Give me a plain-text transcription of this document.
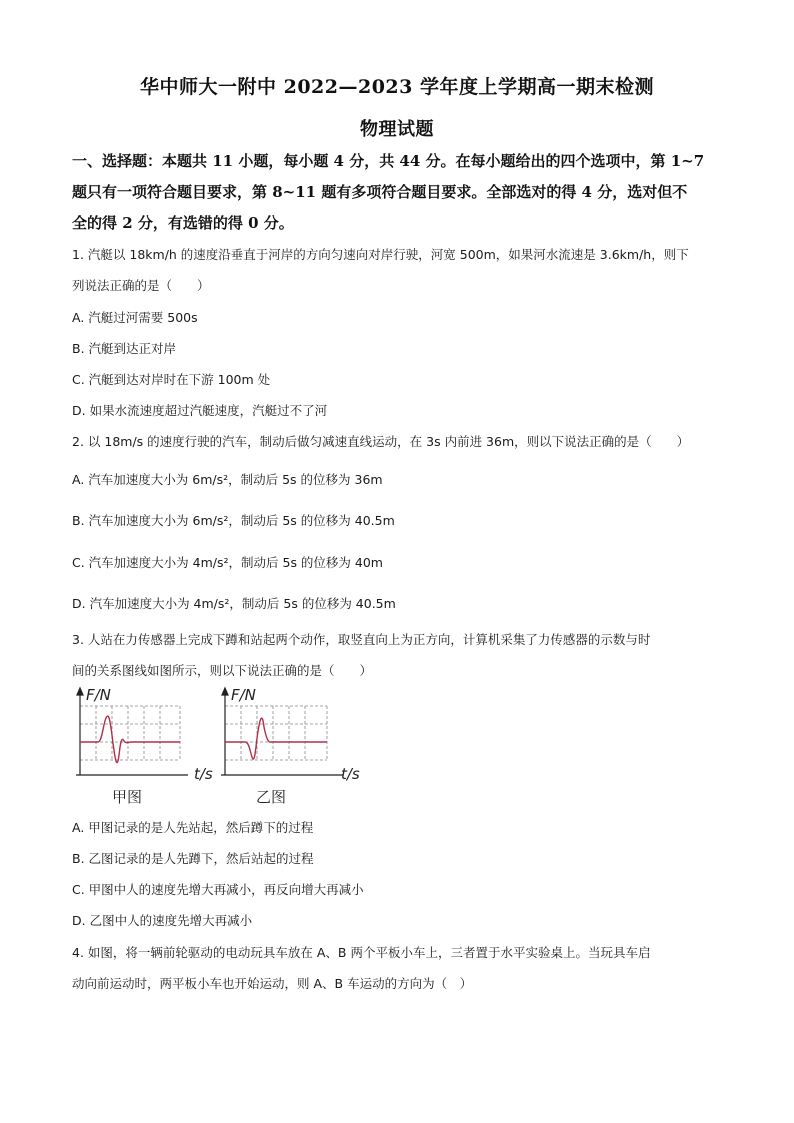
华中师大一附中 2022—2023 学年度上学期高一期末检测
物理试题
一、选择题：本题共 11 小题，每小题 4 分，共 44 分。在每小题给出的四个选项中，第 1~7
题只有一项符合题目要求，第 8~11 题有多项符合题目要求。全部选对的得 4 分，选对但不
全的得 2 分，有选错的得 0 分。
1. 汽艇以 18km/h 的速度沿垂直于河岸的方向匀速向对岸行驶，河宽 500m，如果河水流速是 3.6km/h，则下
列说法正确的是（　　）
A. 汽艇过河需要 500s
B. 汽艇到达正对岸
C. 汽艇到达对岸时在下游 100m 处
D. 如果水流速度超过汽艇速度，汽艇过不了河
2. 以 18m/s 的速度行驶的汽车，制动后做匀减速直线运动，在 3s 内前进 36m，则以下说法正确的是（　　）
A. 汽车加速度大小为 6m/s²，制动后 5s 的位移为 36m
B. 汽车加速度大小为 6m/s²，制动后 5s 的位移为 40.5m
C. 汽车加速度大小为 4m/s²，制动后 5s 的位移为 40m
D. 汽车加速度大小为 4m/s²，制动后 5s 的位移为 40.5m
3. 人站在力传感器上完成下蹲和站起两个动作，取竖直向上为正方向，计算机采集了力传感器的示数与时
间的关系图线如图所示，则以下说法正确的是（　　）
F/N
t/s
甲图
F/N
t/s
乙图
A. 甲图记录的是人先站起，然后蹲下的过程
B. 乙图记录的是人先蹲下，然后站起的过程
C. 甲图中人的速度先增大再减小，再反向增大再减小
D. 乙图中人的速度先增大再减小
4. 如图，将一辆前轮驱动的电动玩具车放在 A、B 两个平板小车上，三者置于水平实验桌上。当玩具车启
动向前运动时，两平板小车也开始运动，则 A、B 车运动的方向为（　）
